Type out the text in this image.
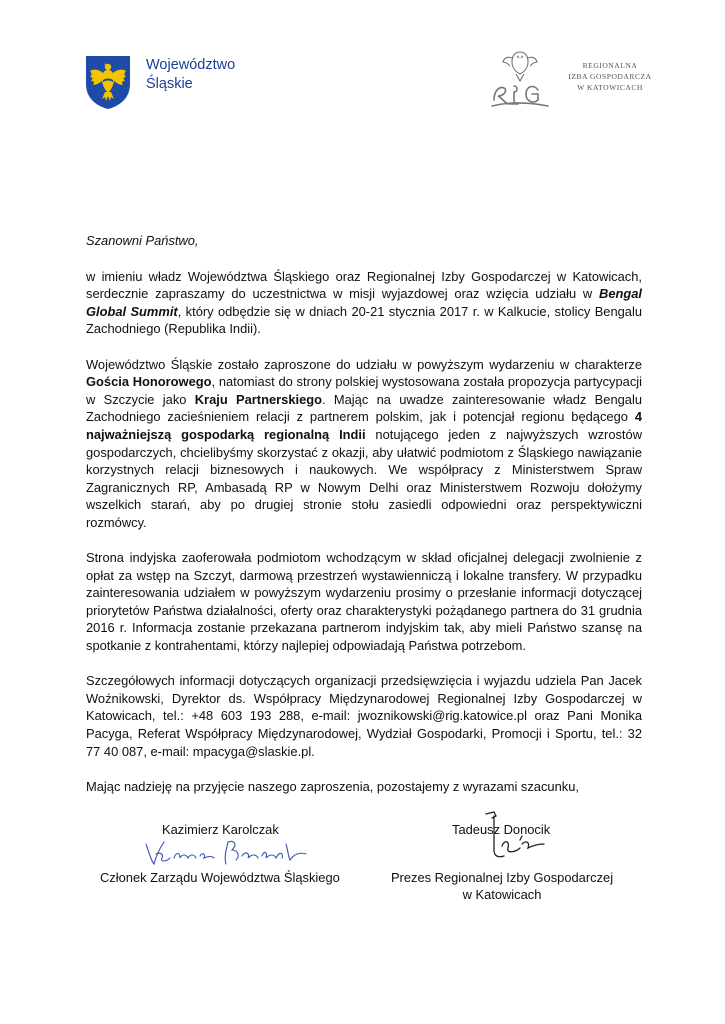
Województwo
Śląskie
REGIONALNA
IZBA GOSPODARCZA
W KATOWICACH

Szanowni Państwo,

w imieniu władz Województwa Śląskiego oraz Regionalnej Izby Gospodarczej w Katowicach, serdecznie zapraszamy do uczestnictwa w misji wyjazdowej oraz wzięcia udziału w Bengal Global Summit, który odbędzie się w dniach 20-21 stycznia 2017 r. w Kalkucie, stolicy Bengalu Zachodniego (Republika Indii).

Województwo Śląskie zostało zaproszone do udziału w powyższym wydarzeniu w charakterze Gościa Honorowego, natomiast do strony polskiej wystosowana została propozycja partycypacji w Szczycie jako Kraju Partnerskiego. Mając na uwadze zainteresowanie władz Bengalu Zachodniego zacieśnieniem relacji z partnerem polskim, jak i potencjał regionu będącego 4 najważniejszą gospodarką regionalną Indii notującego jeden z najwyższych wzrostów gospodarczych, chcielibyśmy skorzystać z okazji, aby ułatwić podmiotom z Śląskiego nawiązanie korzystnych relacji biznesowych i naukowych. We współpracy z Ministerstwem Spraw Zagranicznych RP, Ambasadą RP w Nowym Delhi oraz Ministerstwem Rozwoju dołożymy wszelkich starań, aby po drugiej stronie stołu zasiedli odpowiedni oraz perspektywiczni rozmówcy.

Strona indyjska zaoferowała podmiotom wchodzącym w skład oficjalnej delegacji zwolnienie z opłat za wstęp na Szczyt, darmową przestrzeń wystawienniczą i lokalne transfery. W przypadku zainteresowania udziałem w powyższym wydarzeniu prosimy o przesłanie informacji dotyczącej priorytetów Państwa działalności, oferty oraz charakterystyki pożądanego partnera do 31 grudnia 2016 r. Informacja zostanie przekazana partnerom indyjskim tak, aby mieli Państwo szansę na spotkanie z kontrahentami, którzy najlepiej odpowiadają Państwa potrzebom.

Szczegółowych informacji dotyczących organizacji przedsięwzięcia i wyjazdu udziela Pan Jacek Woźnikowski, Dyrektor ds. Współpracy Międzynarodowej Regionalnej Izby Gospodarczej w Katowicach, tel.: +48 603 193 288, e-mail: jwoznikowski@rig.katowice.pl oraz Pani Monika Pacyga, Referat Współpracy Międzynarodowej, Wydział Gospodarki, Promocji i Sportu, tel.: 32 77 40 087, e-mail: mpacyga@slaskie.pl.

Mając nadzieję na przyjęcie naszego zaproszenia, pozostajemy z wyrazami szacunku,

Kazimierz Karolczak
Członek Zarządu Województwa Śląskiego
Tadeusz Donocik
Prezes Regionalnej Izby Gospodarczej
w Katowicach
